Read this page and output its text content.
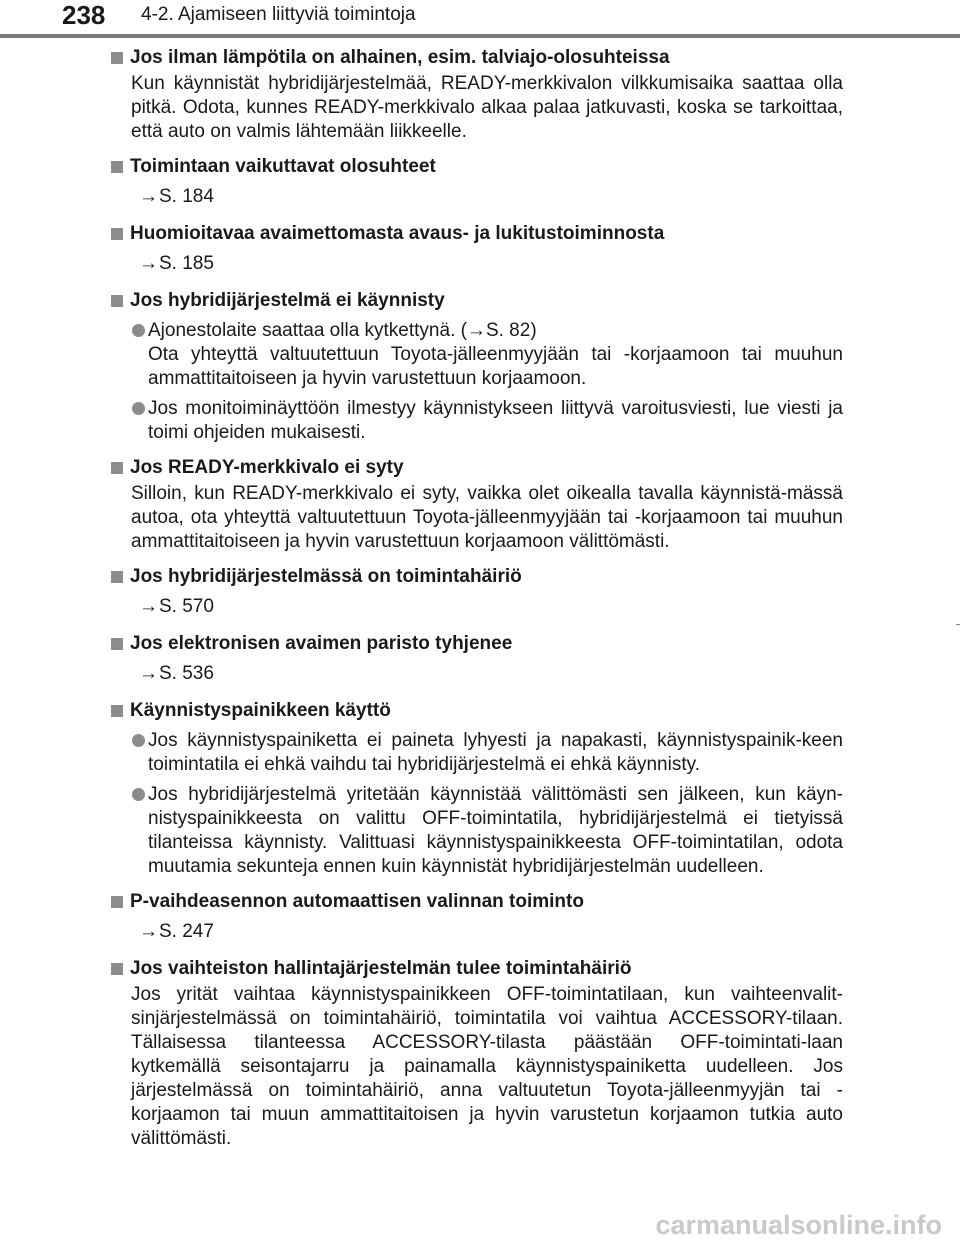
238 4-2. Ajamiseen liittyviä toimintoja
Jos ilman lämpötila on alhainen, esim. talviajo-olosuhteissa
Kun käynnistät hybridijärjestelmää, READY-merkkivalon vilkkumisaika saattaa olla pitkä. Odota, kunnes READY-merkkivalo alkaa palaa jatkuvasti, koska se tarkoittaa, että auto on valmis lähtemään liikkeelle.
Toimintaan vaikuttavat olosuhteet
→S. 184
Huomioitavaa avaimettomasta avaus- ja lukitustoiminnosta
→S. 185
Jos hybridijärjestelmä ei käynnisty
Ajonestolaite saattaa olla kytkettynä. (→S. 82)
Ota yhteyttä valtuutettuun Toyota-jälleenmyyjään tai -korjaamoon tai muuhun ammattitaitoiseen ja hyvin varustettuun korjaamoon.
Jos monitoiminäyttöön ilmestyy käynnistykseen liittyvä varoitusviesti, lue viesti ja toimi ohjeiden mukaisesti.
Jos READY-merkkivalo ei syty
Silloin, kun READY-merkkivalo ei syty, vaikka olet oikealla tavalla käynnistä-mässä autoa, ota yhteyttä valtuutettuun Toyota-jälleenmyyjään tai -korjaamoon tai muuhun ammattitaitoiseen ja hyvin varustettuun korjaamoon välittömästi.
Jos hybridijärjestelmässä on toimintahäiriö
→S. 570
Jos elektronisen avaimen paristo tyhjenee
→S. 536
Käynnistyspainikkeen käyttö
Jos käynnistyspainiketta ei paineta lyhyesti ja napakasti, käynnistyspainik-keen toimintatila ei ehkä vaihdu tai hybridijärjestelmä ei ehkä käynnisty.
Jos hybridijärjestelmä yritetään käynnistää välittömästi sen jälkeen, kun käyn-nistyspainikkeesta on valittu OFF-toimintatila, hybridijärjestelmä ei tietyissä tilanteissa käynnisty. Valittuasi käynnistyspainikkeesta OFF-toimintatilan, odota muutamia sekunteja ennen kuin käynnistät hybridijärjestelmän uudelleen.
P-vaihdeasennon automaattisen valinnan toiminto
→S. 247
Jos vaihteiston hallintajärjestelmän tulee toimintahäiriö
Jos yrität vaihtaa käynnistyspainikkeen OFF-toimintatilaan, kun vaihteenvalit-sinjärjestelmässä on toimintahäiriö, toimintatila voi vaihtua ACCESSORY-tilaan. Tällaisessa tilanteessa ACCESSORY-tilasta päästään OFF-toimintati-laan kytkemällä seisontajarru ja painamalla käynnistyspainiketta uudelleen. Jos järjestelmässä on toimintahäiriö, anna valtuutetun Toyota-jälleenmyyjän tai -korjaamon tai muun ammattitaitoisen ja hyvin varustetun korjaamon tutkia auto välittömästi.
carmanualsonline.info
